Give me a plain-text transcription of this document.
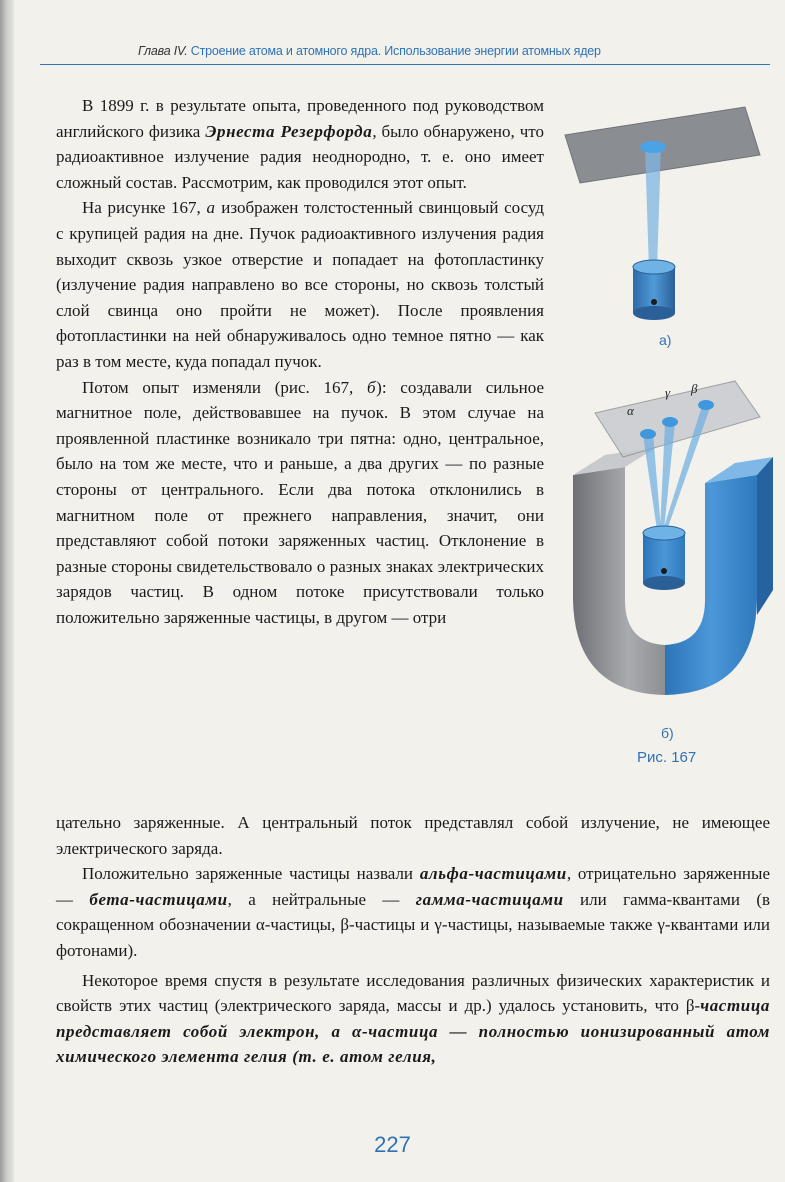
Глава IV. Строение атома и атомного ядра. Использование энергии атомных ядер

В 1899 г. в результате опыта, проведенного под руководством английского физика Эрнеста Резерфорда, было обнаружено, что радиоактивное излучение радия неоднородно, т. е. оно имеет сложный состав. Рассмотрим, как проводился этот опыт.

На рисунке 167, а изображен толстостенный свинцовый сосуд с крупицей радия на дне. Пучок радиоактивного излучения радия выходит сквозь узкое отверстие и попадает на фотопластинку (излучение радия направлено во все стороны, но сквозь толстый слой свинца оно пройти не может). После проявления фотопластинки на ней обнаруживалось одно темное пятно — как раз в том месте, куда попадал пучок.

Потом опыт изменяли (рис. 167, б): создавали сильное магнитное поле, действовавшее на пучок. В этом случае на проявленной пластинке возникало три пятна: одно, центральное, было на том же месте, что и раньше, а два других — по разные стороны от центрального. Если два потока отклонились в магнитном поле от прежнего направления, значит, они представляют собой потоки заряженных частиц. Отклонение в разные стороны свидетельствовало о разных знаках электрических зарядов частиц. В одном потоке присутствовали только положительно заряженные частицы, в другом — отри

цательно заряженные. А центральный поток представлял собой излучение, не имеющее электрического заряда.

Положительно заряженные частицы назвали альфа-частицами, отрицательно заряженные — бета-частицами, а нейтральные — гамма-частицами или гамма-квантами (в сокращенном обозначении α-частицы, β-частицы и γ-частицы, называемые также γ-квантами или фотонами).

Некоторое время спустя в результате исследования различных физических характеристик и свойств этих частиц (электрического заряда, массы и др.) удалось установить, что β-частица представляет собой электрон, а α-частица — полностью ионизированный атом химического элемента гелия (т. е. атом гелия,

а)
α
γ β
б)
Рис. 167
227
